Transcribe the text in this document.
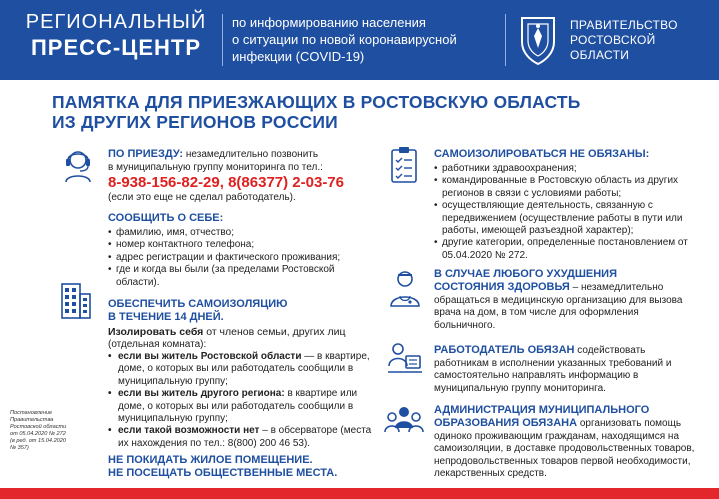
РЕГИОНАЛЬНЫЙ
ПРЕСС-ЦЕНТР
по информированию населения
о ситуации по новой коронавирусной
инфекции (COVID-19)
ПРАВИТЕЛЬСТВО
РОСТОВСКОЙ
ОБЛАСТИ
ПАМЯТКА ДЛЯ ПРИЕЗЖАЮЩИХ В РОСТОВСКУЮ ОБЛАСТЬ
ИЗ ДРУГИХ РЕГИОНОВ РОССИИ
ПО ПРИЕЗДУ: незамедлительно позвонить
в муниципальную группу мониторинга по тел.:
8-938-156-82-29, 8(86377) 2-03-76
(если это еще не сделал работодатель).
СООБЩИТЬ О СЕБЕ:
• фамилию, имя, отчество;
• номер контактного телефона;
• адрес регистрации и фактического проживания;
• где и когда вы были (за пределами Ростовской области).
ОБЕСПЕЧИТЬ САМОИЗОЛЯЦИЮ
В ТЕЧЕНИЕ 14 ДНЕЙ.
Изолировать себя от членов семьи, других лиц
(отдельная комната):
• если вы житель Ростовской области — в квартире, доме, о которых вы или работодатель сообщили в муниципальную группу;
• если вы житель другого региона: в квартире или доме, о которых вы или работодатель сообщили в муниципальную группу;
• если такой возможности нет – в обсерваторе (места их нахождения по тел.: 8(800) 200 46 53).
НЕ ПОКИДАТЬ ЖИЛОЕ ПОМЕЩЕНИЕ.
НЕ ПОСЕЩАТЬ ОБЩЕСТВЕННЫЕ МЕСТА.
Постановление
Правительства
Ростовской области
от 05.04.2020 № 272
(в ред. от 15.04.2020
№ 357)
САМОИЗОЛИРОВАТЬСЯ НЕ ОБЯЗАНЫ:
• работники здравоохранения;
• командированные в Ростовскую область из других регионов в связи с условиями работы;
• осуществляющие деятельность, связанную с передвижением (осуществление работы в пути или работы, имеющей разъездной характер);
• другие категории, определенные постановлением от 05.04.2020 № 272.
В СЛУЧАЕ ЛЮБОГО УХУДШЕНИЯ
СОСТОЯНИЯ ЗДОРОВЬЯ – незамедлительно
обращаться в медицинскую организацию для вызова врача на дом, в том числе для оформления больничного.
РАБОТОДАТЕЛЬ ОБЯЗАН содействовать
работникам в исполнении указанных требований и самостоятельно направлять информацию в муниципальную группу мониторинга.
АДМИНИСТРАЦИЯ МУНИЦИПАЛЬНОГО
ОБРАЗОВАНИЯ ОБЯЗАНА организовать помощь
одиноко проживающим гражданам, находящимся на самоизоляции, в доставке продовольственных товаров, непродовольственных товаров первой необходимости, лекарственных средств.
